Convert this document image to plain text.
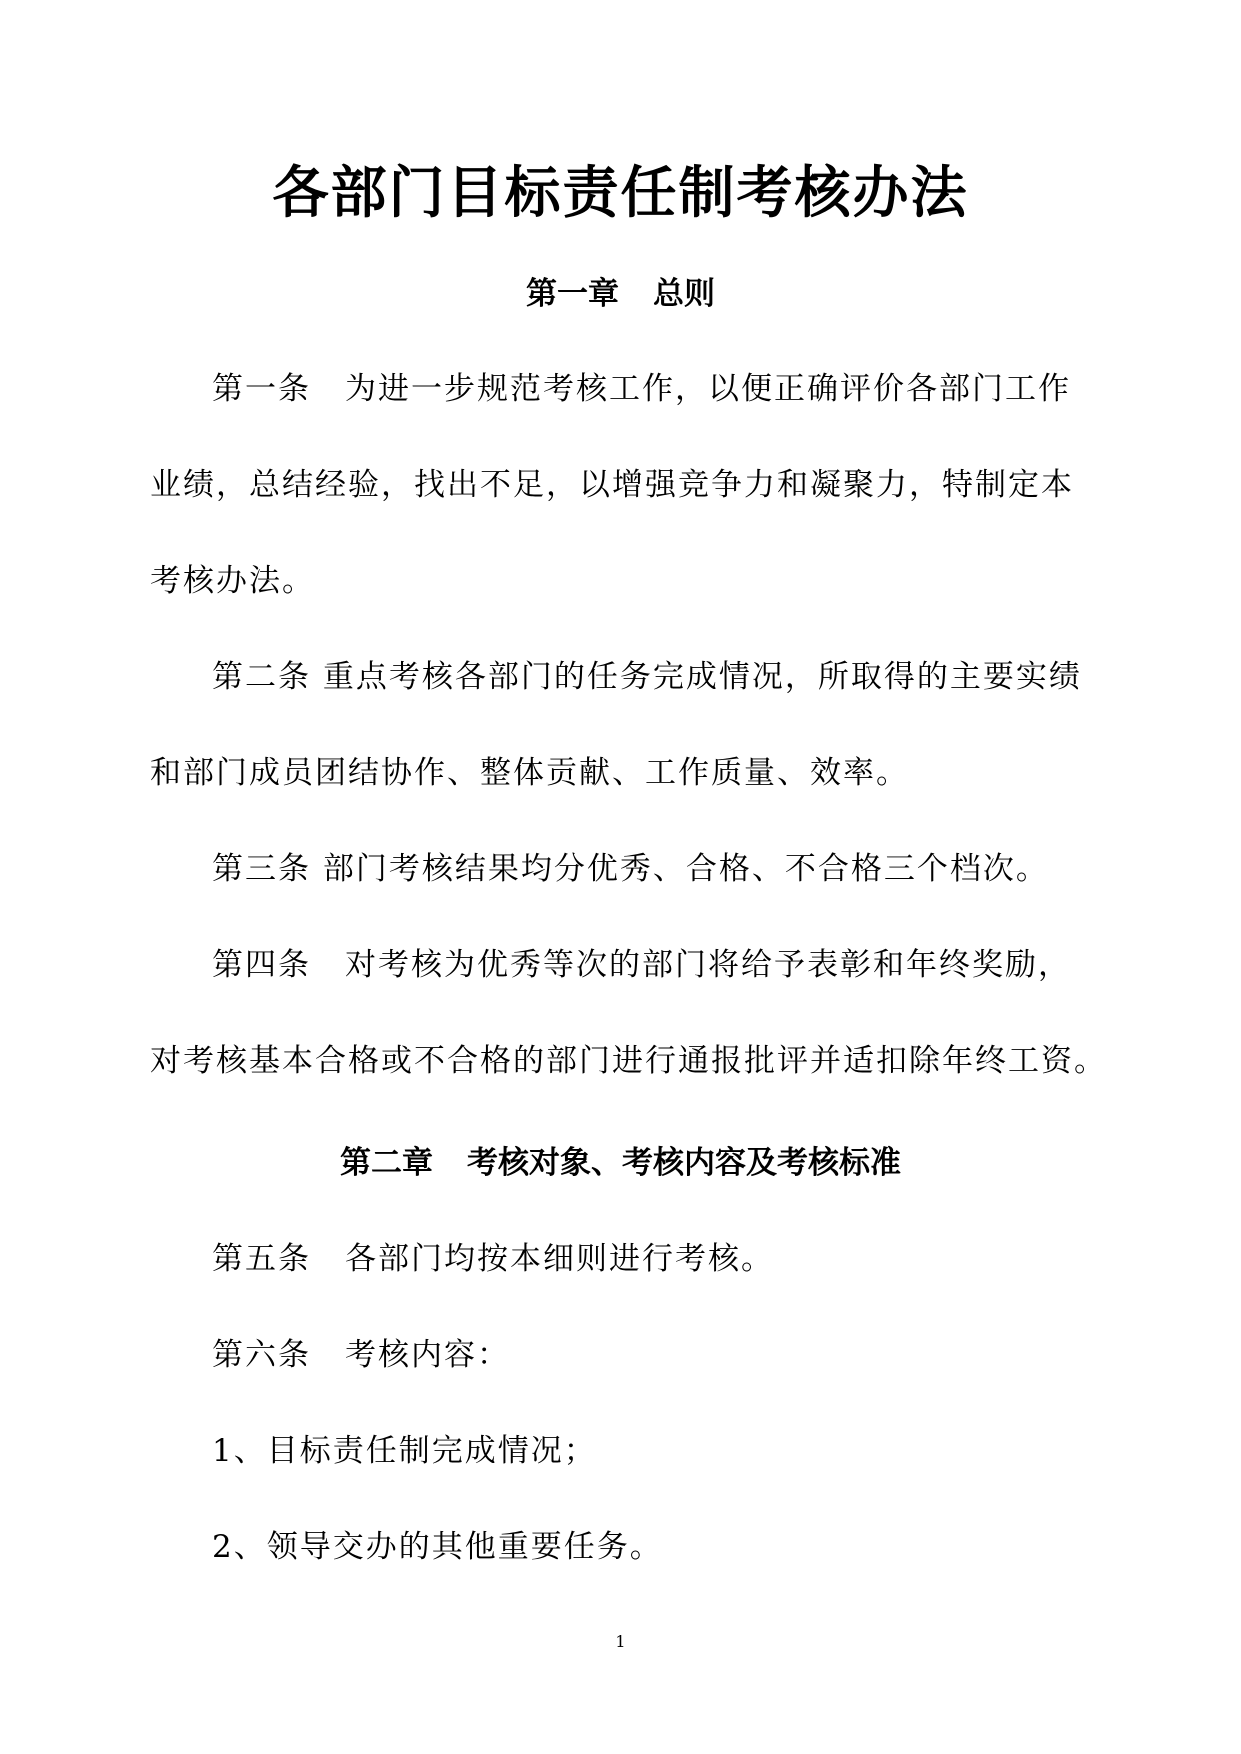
各部门目标责任制考核办法
第一章 总则
第一条 为进一步规范考核工作，以便正确评价各部门工作
业绩，总结经验，找出不足，以增强竞争力和凝聚力，特制定本
考核办法。
第二条 重点考核各部门的任务完成情况，所取得的主要实绩
和部门成员团结协作、整体贡献、工作质量、效率。
第三条 部门考核结果均分优秀、合格、不合格三个档次。
第四条 对考核为优秀等次的部门将给予表彰和年终奖励，
对考核基本合格或不合格的部门进行通报批评并适扣除年终工资。
第二章 考核对象、考核内容及考核标准
第五条 各部门均按本细则进行考核。
第六条 考核内容：
1、目标责任制完成情况；
2、领导交办的其他重要任务。
1
